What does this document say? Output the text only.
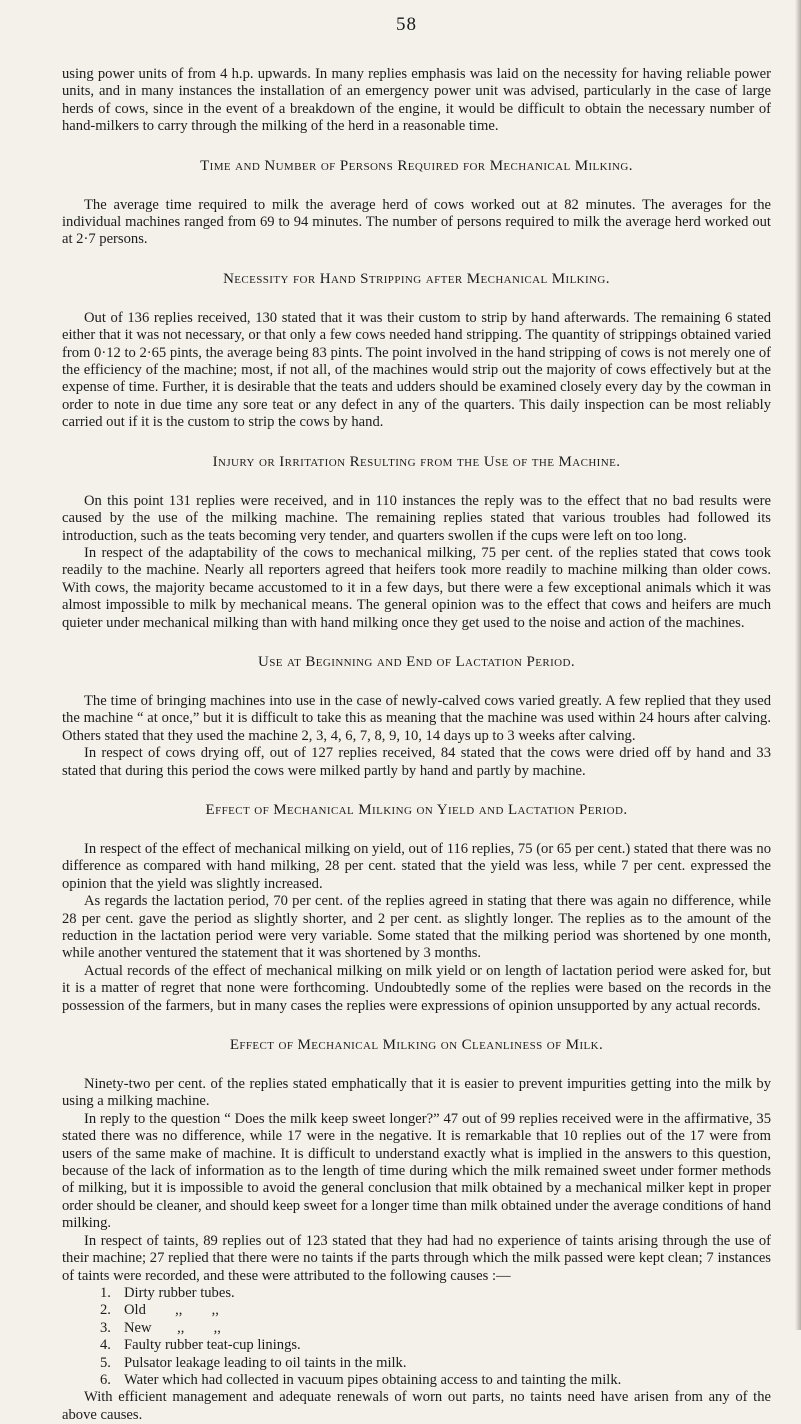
58

using power units of from 4 h.p. upwards. In many replies emphasis was laid on the necessity for having reliable power units, and in many instances the installation of an emergency power unit was advised, particularly in the case of large herds of cows, since in the event of a breakdown of the engine, it would be difficult to obtain the necessary number of hand-milkers to carry through the milking of the herd in a reasonable time.

Time and Number of Persons Required for Mechanical Milking.

The average time required to milk the average herd of cows worked out at 82 minutes. The averages for the individual machines ranged from 69 to 94 minutes. The number of persons required to milk the average herd worked out at 2·7 persons.

Necessity for Hand Stripping after Mechanical Milking.

Out of 136 replies received, 130 stated that it was their custom to strip by hand afterwards. The remaining 6 stated either that it was not necessary, or that only a few cows needed hand stripping. The quantity of strippings obtained varied from 0·12 to 2·65 pints, the average being 83 pints. The point involved in the hand stripping of cows is not merely one of the efficiency of the machine; most, if not all, of the machines would strip out the majority of cows effectively but at the expense of time. Further, it is desirable that the teats and udders should be examined closely every day by the cowman in order to note in due time any sore teat or any defect in any of the quarters. This daily inspection can be most reliably carried out if it is the custom to strip the cows by hand.

Injury or Irritation Resulting from the Use of the Machine.

On this point 131 replies were received, and in 110 instances the reply was to the effect that no bad results were caused by the use of the milking machine. The remaining replies stated that various troubles had followed its introduction, such as the teats becoming very tender, and quarters swollen if the cups were left on too long.

In respect of the adaptability of the cows to mechanical milking, 75 per cent. of the replies stated that cows took readily to the machine. Nearly all reporters agreed that heifers took more readily to machine milking than older cows. With cows, the majority became accustomed to it in a few days, but there were a few exceptional animals which it was almost impossible to milk by mechanical means. The general opinion was to the effect that cows and heifers are much quieter under mechanical milking than with hand milking once they get used to the noise and action of the machines.

Use at Beginning and End of Lactation Period.

The time of bringing machines into use in the case of newly-calved cows varied greatly. A few replied that they used the machine “ at once,” but it is difficult to take this as meaning that the machine was used within 24 hours after calving. Others stated that they used the machine 2, 3, 4, 6, 7, 8, 9, 10, 14 days up to 3 weeks after calving.

In respect of cows drying off, out of 127 replies received, 84 stated that the cows were dried off by hand and 33 stated that during this period the cows were milked partly by hand and partly by machine.

Effect of Mechanical Milking on Yield and Lactation Period.

In respect of the effect of mechanical milking on yield, out of 116 replies, 75 (or 65 per cent.) stated that there was no difference as compared with hand milking, 28 per cent. stated that the yield was less, while 7 per cent. expressed the opinion that the yield was slightly increased.

As regards the lactation period, 70 per cent. of the replies agreed in stating that there was again no difference, while 28 per cent. gave the period as slightly shorter, and 2 per cent. as slightly longer. The replies as to the amount of the reduction in the lactation period were very variable. Some stated that the milking period was shortened by one month, while another ventured the statement that it was shortened by 3 months.

Actual records of the effect of mechanical milking on milk yield or on length of lactation period were asked for, but it is a matter of regret that none were forthcoming. Undoubtedly some of the replies were based on the records in the possession of the farmers, but in many cases the replies were expressions of opinion unsupported by any actual records.

Effect of Mechanical Milking on Cleanliness of Milk.

Ninety-two per cent. of the replies stated emphatically that it is easier to prevent impurities getting into the milk by using a milking machine.

In reply to the question “ Does the milk keep sweet longer?” 47 out of 99 replies received were in the affirmative, 35 stated there was no difference, while 17 were in the negative. It is remarkable that 10 replies out of the 17 were from users of the same make of machine. It is difficult to understand exactly what is implied in the answers to this question, because of the lack of information as to the length of time during which the milk remained sweet under former methods of milking, but it is impossible to avoid the general conclusion that milk obtained by a mechanical milker kept in proper order should be cleaner, and should keep sweet for a longer time than milk obtained under the average conditions of hand milking.

In respect of taints, 89 replies out of 123 stated that they had had no experience of taints arising through the use of their machine; 27 replied that there were no taints if the parts through which the milk passed were kept clean; 7 instances of taints were recorded, and these were attributed to the following causes :—

1. Dirty rubber tubes.
2. Old        ,,        ,,
3. New       ,,        ,,
4. Faulty rubber teat-cup linings.
5. Pulsator leakage leading to oil taints in the milk.
6. Water which had collected in vacuum pipes obtaining access to and tainting the milk.

With efficient management and adequate renewals of worn out parts, no taints need have arisen from any of the above causes.
